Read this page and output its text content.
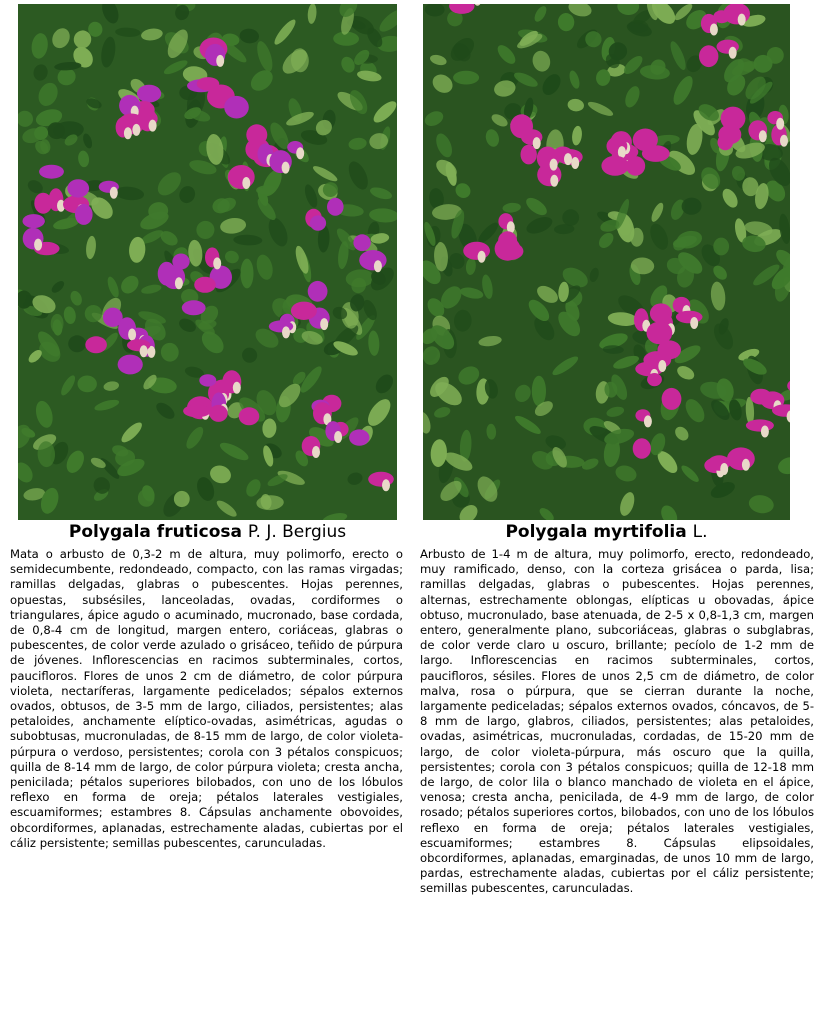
Polygala fruticosa P. J. Bergius	Polygala myrtifolia L.

Mata o arbusto de 0,3-2 m de altura, muy polimorfo, erecto o semidecumbente, redondeado, compacto, con las ramas virgadas; ramillas delgadas, glabras o pubescentes. Hojas perennes, opuestas, subsésiles, lanceoladas, ovadas, cordiformes o triangulares, ápice agudo o acuminado, mucronado, base cordada, de 0,8-4 cm de longitud, margen entero, coriáceas, glabras o pubescentes, de color verde azulado o grisáceo, teñido de púrpura de jóvenes. Inflorescencias en racimos subterminales, cortos, paucifloros. Flores de unos 2 cm de diámetro, de color púrpura violeta, nectaríferas, largamente pedicelados; sépalos externos ovados, obtusos, de 3-5 mm de largo, ciliados, persistentes; alas petaloides, anchamente elíptico-ovadas, asimétricas, agudas o subobtusas, mucronuladas, de 8-15 mm de largo, de color violeta-púrpura o verdoso, persistentes; corola con 3 pétalos conspicuos; quilla de 8-14 mm de largo, de color púrpura violeta; cresta ancha, penicilada; pétalos superiores bilobados, con uno de los lóbulos reflexo en forma de oreja; pétalos laterales vestigiales, escuamiformes; estambres 8. Cápsulas anchamente obovoides, obcordiformes, aplanadas, estrechamente aladas, cubiertas por el cáliz persistente; semillas pubescentes, carunculadas.

Arbusto de 1-4 m de altura, muy polimorfo, erecto, redondeado, muy ramificado, denso, con la corteza grisácea o parda, lisa; ramillas delgadas, glabras o pubescentes. Hojas perennes, alternas, estrechamente oblongas, elípticas u obovadas, ápice obtuso, mucronulado, base atenuada, de 2-5 x 0,8-1,3 cm, margen entero, generalmente plano, subcoriáceas, glabras o subglabras, de color verde claro u oscuro, brillante; pecíolo de 1-2 mm de largo. Inflorescencias en racimos subterminales, cortos, paucifloros, sésiles. Flores de unos 2,5 cm de diámetro, de color malva, rosa o púrpura, que se cierran durante la noche, largamente pediceladas; sépalos externos ovados, cóncavos, de 5-8 mm de largo, glabros, ciliados, persistentes; alas petaloides, ovadas, asimétricas, mucronuladas, cordadas, de 15-20 mm de largo, de color violeta-púrpura, más oscuro que la quilla, persistentes; corola con 3 pétalos conspicuos; quilla de 12-18 mm de largo, de color lila o blanco manchado de violeta en el ápice, venosa; cresta ancha, penicilada, de 4-9 mm de largo, de color rosado; pétalos superiores cortos, bilobados, con uno de los lóbulos reflexo en forma de oreja; pétalos laterales vestigiales, escuamiformes; estambres 8. Cápsulas elipsoidales, obcordiformes, aplanadas, emarginadas, de unos 10 mm de largo, pardas, estrechamente aladas, cubiertas por el cáliz persistente; semillas pubescentes, carunculadas.
